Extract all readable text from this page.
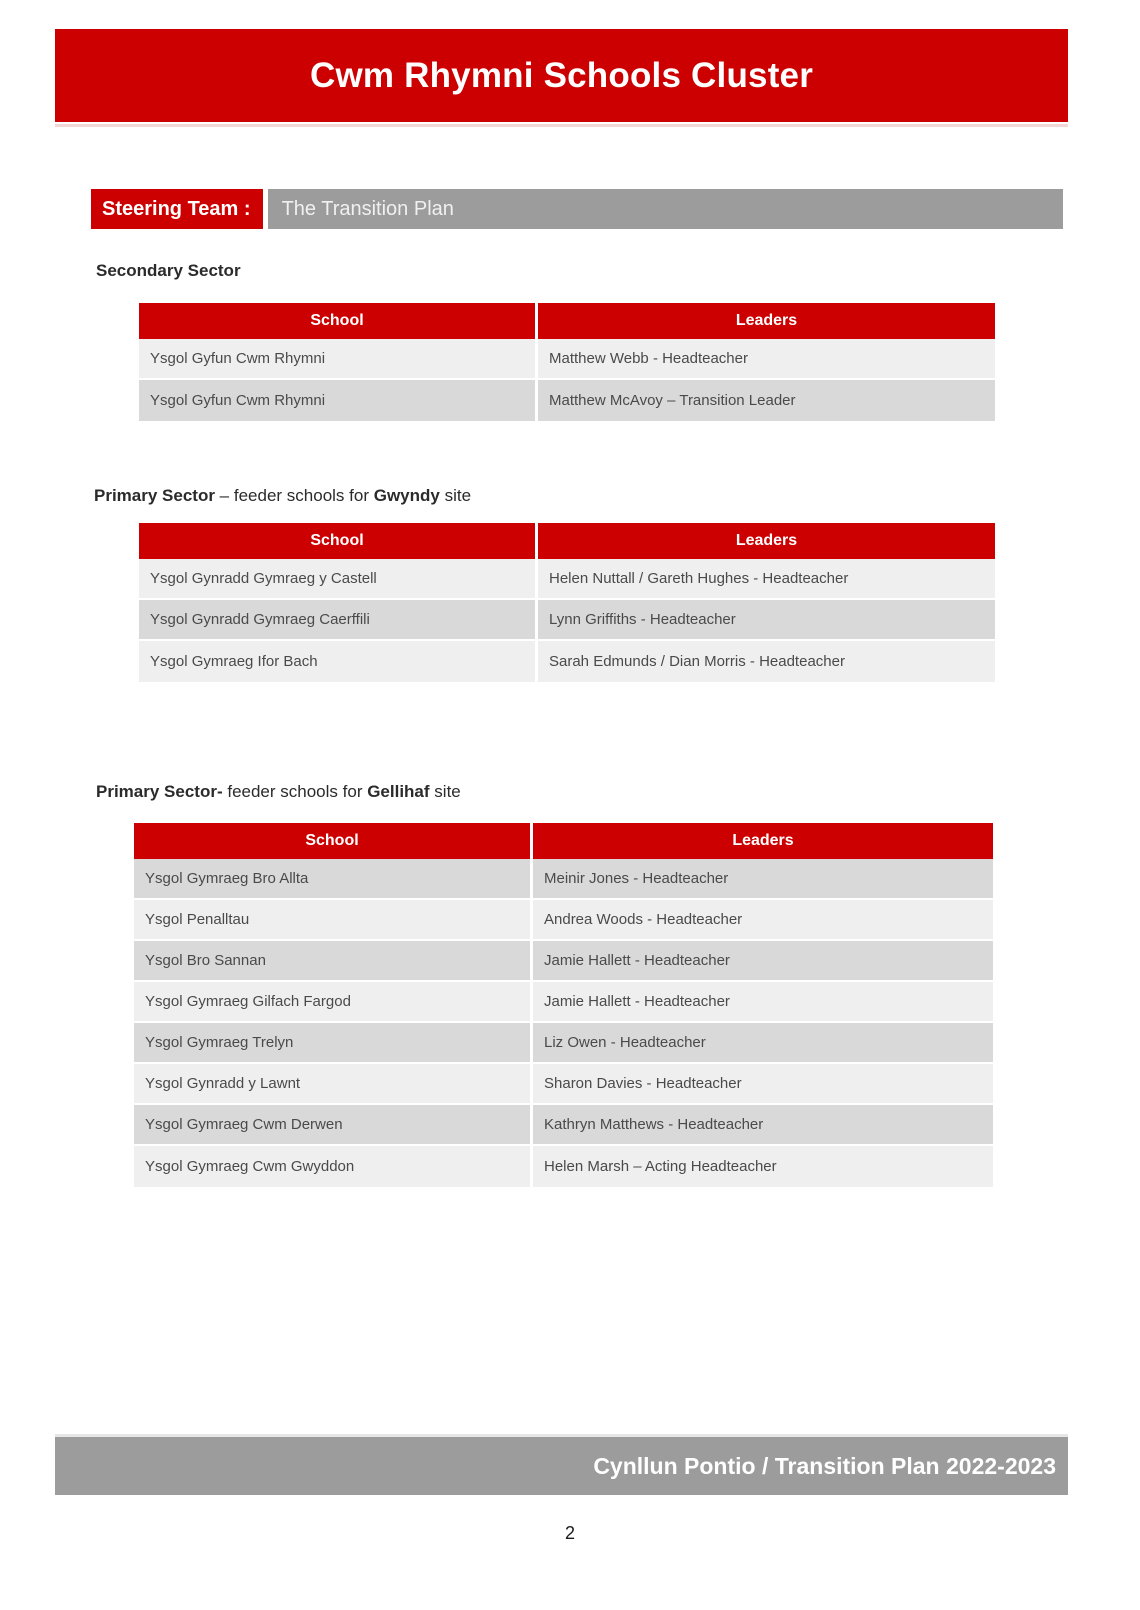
Cwm Rhymni Schools Cluster
Steering Team :	The Transition Plan
Secondary Sector
School	Leaders
Ysgol Gyfun Cwm Rhymni	Matthew Webb - Headteacher
Ysgol Gyfun Cwm Rhymni	Matthew McAvoy – Transition Leader
Primary Sector – feeder schools for Gwyndy site
School	Leaders
Ysgol Gynradd Gymraeg y Castell	Helen Nuttall / Gareth Hughes - Headteacher
Ysgol Gynradd Gymraeg Caerffili	Lynn Griffiths - Headteacher
Ysgol Gymraeg Ifor Bach	Sarah Edmunds / Dian Morris - Headteacher
Primary Sector- feeder schools for Gellihaf site
School	Leaders
Ysgol Gymraeg Bro Allta	Meinir Jones - Headteacher
Ysgol Penalltau	Andrea Woods - Headteacher
Ysgol Bro Sannan	Jamie Hallett - Headteacher
Ysgol Gymraeg Gilfach Fargod	Jamie Hallett - Headteacher
Ysgol Gymraeg Trelyn	Liz Owen - Headteacher
Ysgol Gynradd y Lawnt	Sharon Davies - Headteacher
Ysgol Gymraeg Cwm Derwen	Kathryn Matthews - Headteacher
Ysgol Gymraeg Cwm Gwyddon	Helen Marsh – Acting Headteacher
Cynllun Pontio / Transition Plan 2022-2023
2
